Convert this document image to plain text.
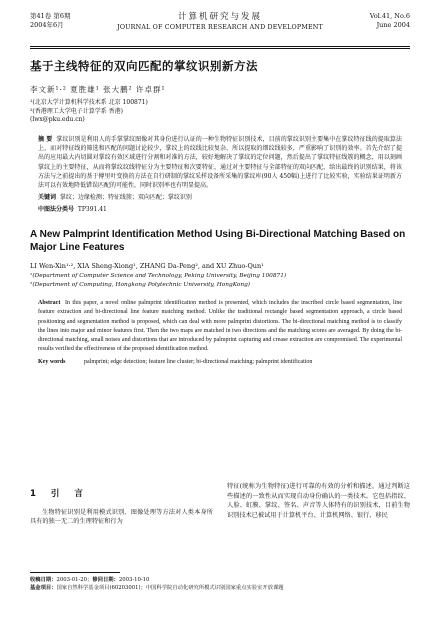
第41卷 第6期
2004年6月
计算机研究与发展
JOURNAL OF COMPUTER RESEARCH AND DEVELOPMENT
Vol.41, No.6
June 2004
基于主线特征的双向匹配的掌纹识别新方法
李文新¹·² 夏胜雄¹ 张大鹏² 许卓群¹
¹(北京大学计算机科学技术系 北京 100871)
²(香港理工大学电子计算学系 香港)
(lwx@pku.edu.cn)
摘 要 掌纹识别是利用人的手掌掌纹图像对其身份进行认证的一种生物特征识别技术，目前的掌纹识别主要集中在掌纹特征线的提取算法上，而对特征线的筛选和匹配的问题讨论较少，掌纹上的纹线比较复杂，所以提取的细纹线较多，严重影响了识别的效率。首先介绍了提出的应用最大内切圆对掌纹有效区域进行分割和对准的方法，较好地解决了掌纹的定位问题，然后提出了掌纹特征线簇的概念，用以刻画掌纹上的主要特征，从而将掌纹纹线特征分为主要特征和次要特征，通过对主要特征与全部特征的双向匹配，给出最终的识别结果，将该方法与之前提出的基于傅里叶变换的方法在自行研制的掌纹采样设备所采集的掌纹库(90人 450幅)上进行了比较实验，实验结果证明新方法可以有效地降低错误匹配的可能性，同时识别率也有明显提高。
关键词 掌纹；边缘检测；特征线簇；双向匹配；掌纹识别
中图法分类号 TP391.41
A New Palmprint Identification Method Using Bi-Directional Matching Based on Major Line Features
LI Wen-Xin¹·², XIA Sheng-Xiong¹, ZHANG Da-Peng², and XU Zhuo-Qun¹
¹(Department of Computer Science and Technology, Peking University, Beijing 100871)
²(Department of Computing, Hongkong Polytechnic University, HongKong)
Abstract In this paper, a novel online palmprint identification method is presented, which includes the inscribed circle based segmentation, line feature extraction and bi-directional line feature matching method. Unlike the traditional rectangle based segmentation approach, a circle based positioning and segmentation method is proposed, which can deal with more palmprint distortions. The bi-directional matching method is to classify the lines into major and minor features first. Then the two maps are matched in two directions and the matching scores are averaged. By doing the bi-directional matching, small noises and distortions that are introduced by palmprint capturing and crease extraction are compromised. The experimental results verified the effectiveness of the proposed identification method.
Key words	palmprint; edge detection; feature line cluster; bi-directional matching; palmprint identification
1 引 言
生物特征识别是利用模式识别、图像处理等方法对人类本身所具有的独一无二的生理特征和行为
特征(统称为生物特征)进行可靠的有效的分析和描述，通过判断这些描述的一致性从而实现自动身份确认的一类技术。它包括指纹、人脸、虹膜、掌纹、签名、声音等人体特有的识别技术，目前生物识别技术已被试用于计算机平台、计算机网络、银行、移民
收稿日期：2003-01-20；修回日期：2003-10-10
基金项目：国家自然科学基金项目(60203001)；中国科学院自动化研究所模式识别国家重点实验室开放课题
